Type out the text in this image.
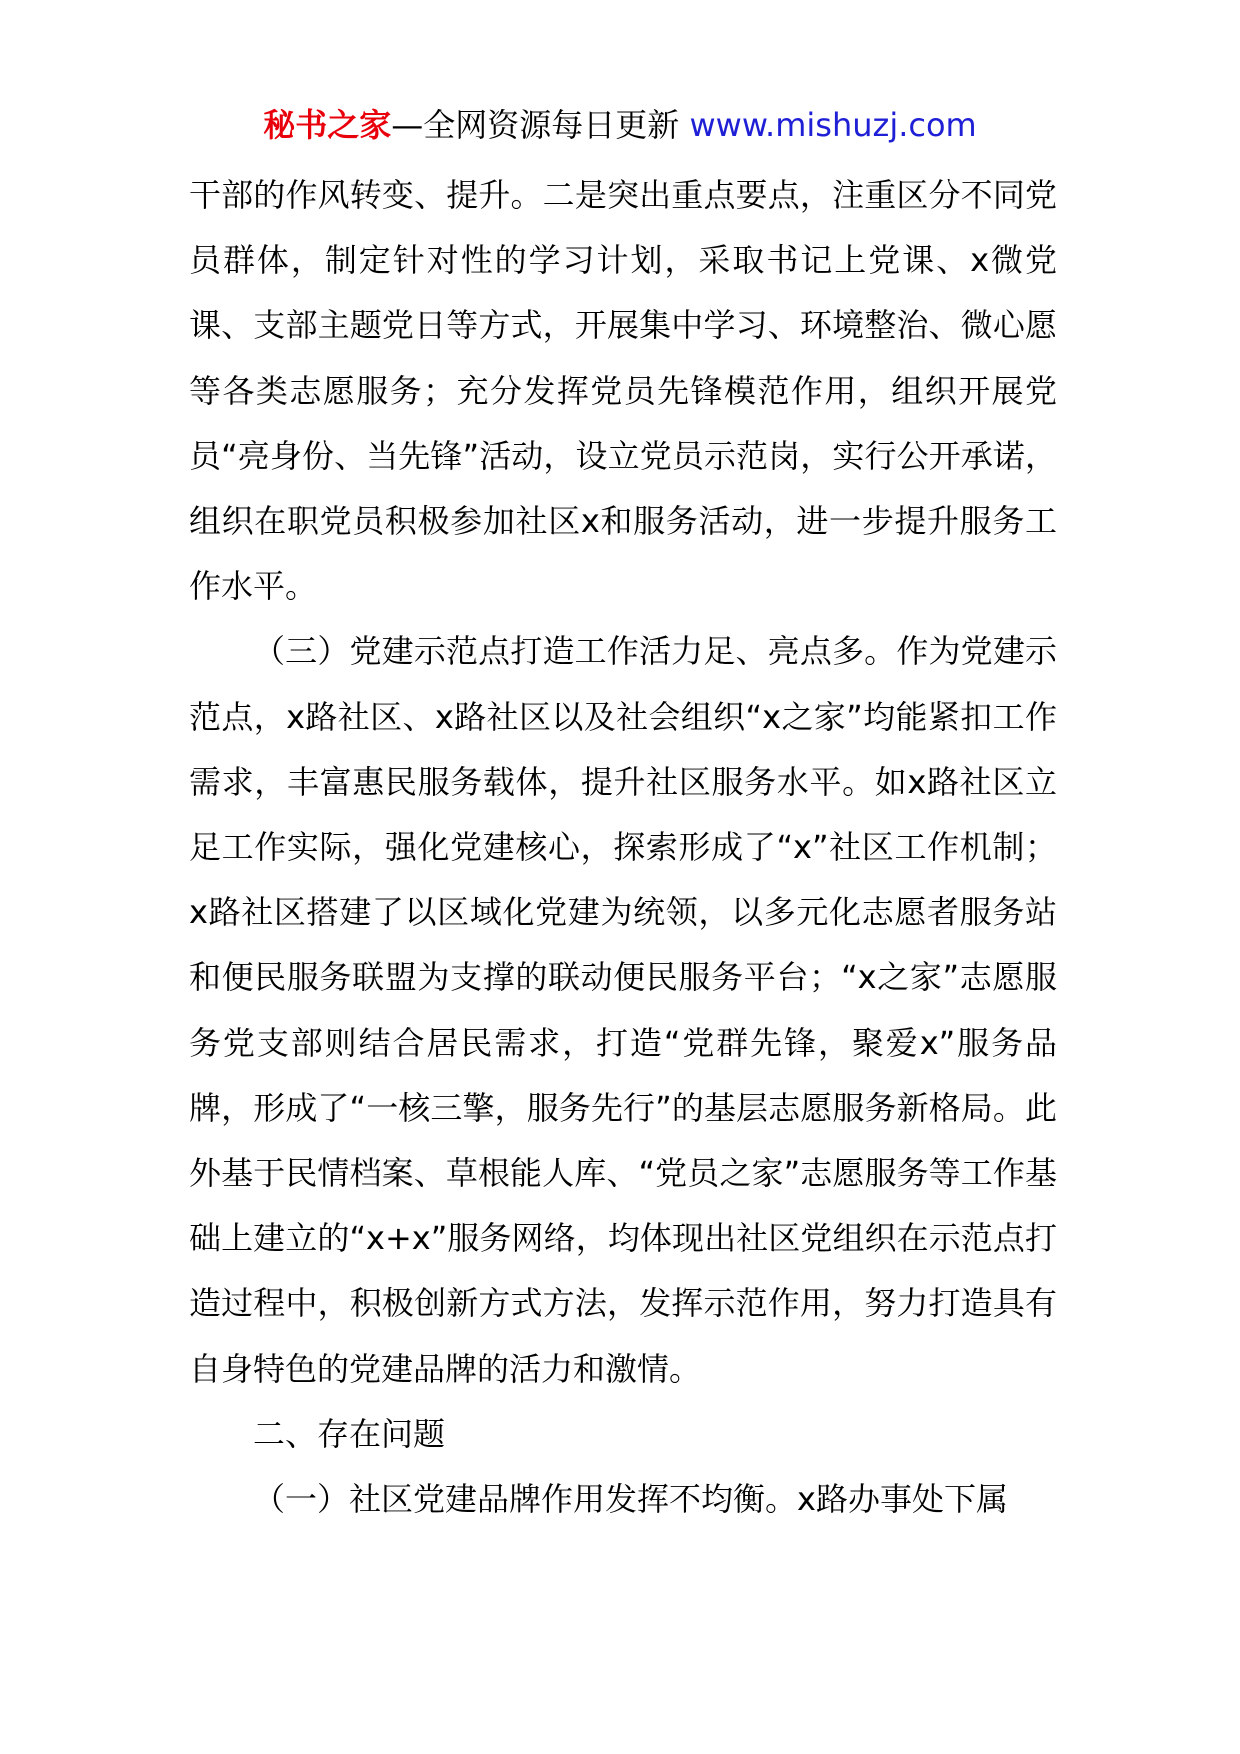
秘书之家—全网资源每日更新 www.mishuzj.com

干部的作风转变、提升。二是突出重点要点，注重区分不同党员群体，制定针对性的学习计划，采取书记上党课、x微党课、支部主题党日等方式，开展集中学习、环境整治、微心愿等各类志愿服务；充分发挥党员先锋模范作用，组织开展党员“亮身份、当先锋”活动，设立党员示范岗，实行公开承诺，组织在职党员积极参加社区x和服务活动，进一步提升服务工作水平。

（三）党建示范点打造工作活力足、亮点多。作为党建示范点，x路社区、x路社区以及社会组织“x之家”均能紧扣工作需求，丰富惠民服务载体，提升社区服务水平。如x路社区立足工作实际，强化党建核心，探索形成了“x”社区工作机制；x路社区搭建了以区域化党建为统领，以多元化志愿者服务站和便民服务联盟为支撑的联动便民服务平台；“x之家”志愿服务党支部则结合居民需求，打造“党群先锋，聚爱x”服务品牌，形成了“一核三擎，服务先行”的基层志愿服务新格局。此外基于民情档案、草根能人库、“党员之家”志愿服务等工作基础上建立的“x+x”服务网络，均体现出社区党组织在示范点打造过程中，积极创新方式方法，发挥示范作用，努力打造具有自身特色的党建品牌的活力和激情。

二、存在问题

（一）社区党建品牌作用发挥不均衡。x路办事处下属
